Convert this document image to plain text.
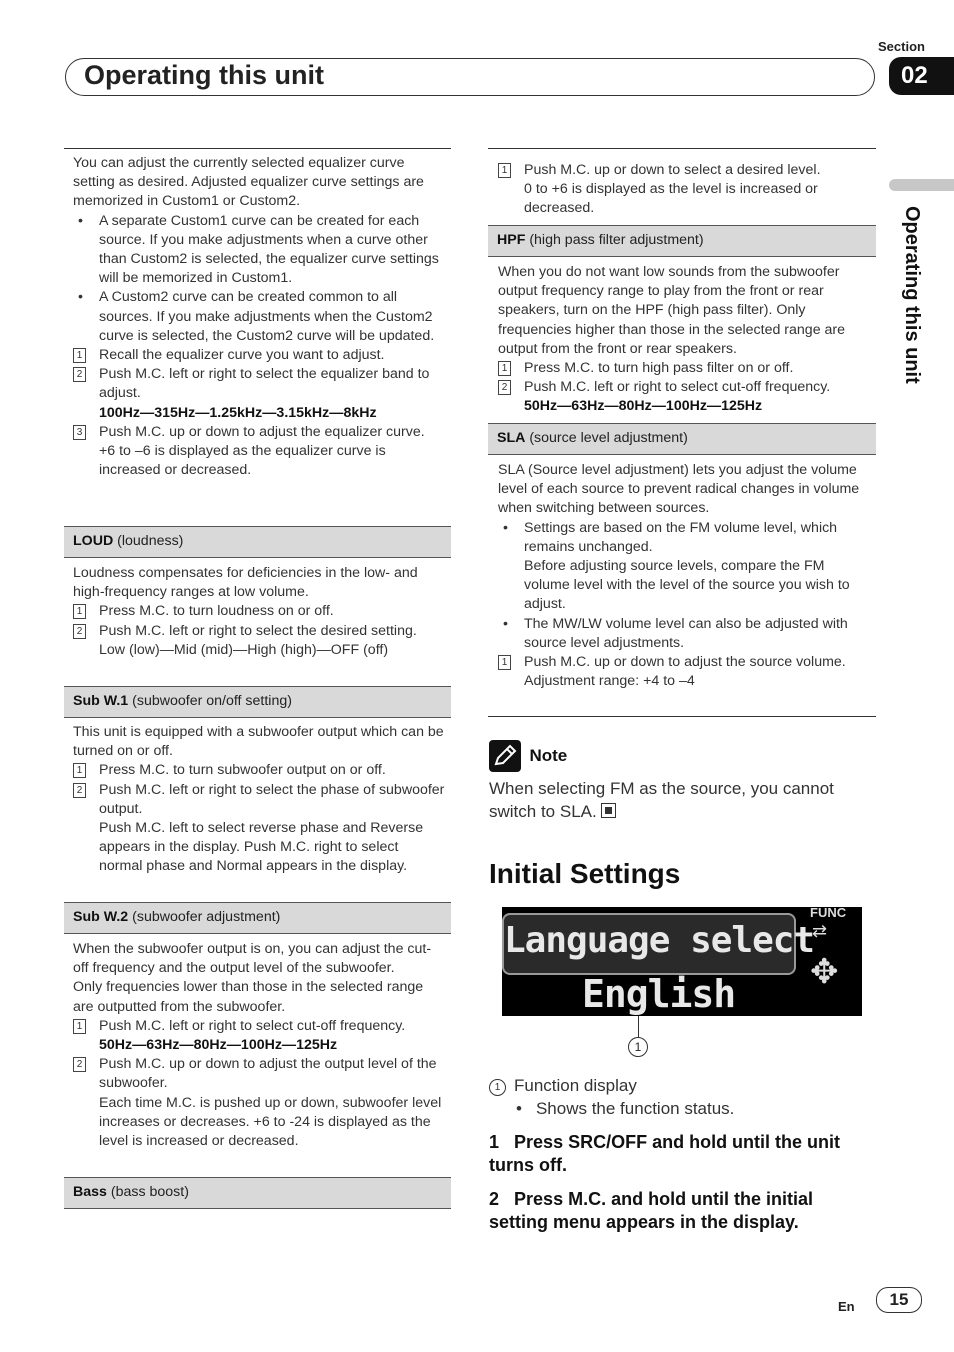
Section
Operating this unit	02
Operating this unit

You can adjust the currently selected equalizer curve setting as desired. Adjusted equalizer curve settings are memorized in Custom1 or Custom2.

• A separate Custom1 curve can be created for each source. If you make adjustments when a curve other than Custom2 is selected, the equalizer curve settings will be memorized in Custom1.
• A Custom2 curve can be created common to all sources. If you make adjustments when the Custom2 curve is selected, the Custom2 curve will be updated.
1 Recall the equalizer curve you want to adjust.
2 Push M.C. left or right to select the equalizer band to adjust.
100Hz—315Hz—1.25kHz—3.15kHz—8kHz
3 Push M.C. up or down to adjust the equalizer curve.
+6 to –6 is displayed as the equalizer curve is increased or decreased.
LOUD (loudness)

Loudness compensates for deficiencies in the low- and high-frequency ranges at low volume.

1 Press M.C. to turn loudness on or off.
2 Push M.C. left or right to select the desired setting.
Low (low)—Mid (mid)—High (high)—OFF (off)
Sub W.1 (subwoofer on/off setting)

This unit is equipped with a subwoofer output which can be turned on or off.

1 Press M.C. to turn subwoofer output on or off.
2 Push M.C. left or right to select the phase of subwoofer output.
Push M.C. left to select reverse phase and Reverse appears in the display. Push M.C. right to select normal phase and Normal appears in the display.
Sub W.2 (subwoofer adjustment)

When the subwoofer output is on, you can adjust the cut-off frequency and the output level of the subwoofer.

Only frequencies lower than those in the selected range are outputted from the subwoofer.

1 Push M.C. left or right to select cut-off frequency.
50Hz—63Hz—80Hz—100Hz—125Hz
2 Push M.C. up or down to adjust the output level of the subwoofer.
Each time M.C. is pushed up or down, subwoofer level increases or decreases. +6 to -24 is displayed as the level is increased or decreased.
Bass (bass boost)
1 Push M.C. up or down to select a desired level.
0 to +6 is displayed as the level is increased or decreased.
HPF (high pass filter adjustment)

When you do not want low sounds from the subwoofer output frequency range to play from the front or rear speakers, turn on the HPF (high pass filter). Only frequencies higher than those in the selected range are output from the front or rear speakers.

1 Press M.C. to turn high pass filter on or off.
2 Push M.C. left or right to select cut-off frequency.
50Hz—63Hz—80Hz—100Hz—125Hz
SLA (source level adjustment)

SLA (Source level adjustment) lets you adjust the volume level of each source to prevent radical changes in volume when switching between sources.

• Settings are based on the FM volume level, which remains unchanged.
Before adjusting source levels, compare the FM volume level with the level of the source you wish to adjust.
• The MW/LW volume level can also be adjusted with source level adjustments.
1 Push M.C. up or down to adjust the source volume.
Adjustment range: +4 to –4
Note
When selecting FM as the source, you cannot switch to SLA.
Initial Settings
Language select
English
FUNC
⇄
✥
1
1 Function display
• Shows the function status.
1 Press SRC/OFF and hold until the unit turns off.
2 Press M.C. and hold until the initial setting menu appears in the display.
En	15
